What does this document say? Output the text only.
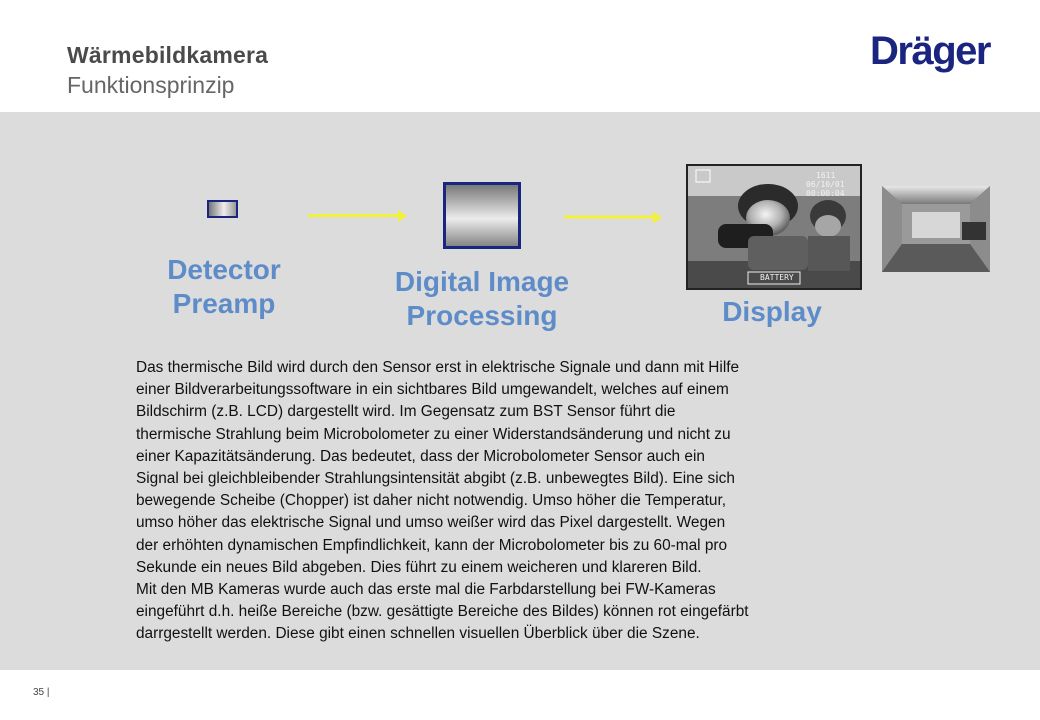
Wärmebildkamera
Funktionsprinzip
Dräger
1611
06/10/01
00:00:04
BATTERY
Detector
Preamp
Digital Image
Processing	Display
Das thermische Bild wird durch den Sensor erst in elektrische Signale und dann mit Hilfe
einer Bildverarbeitungssoftware in ein sichtbares Bild umgewandelt, welches auf einem
Bildschirm (z.B. LCD) dargestellt wird. Im Gegensatz zum BST Sensor führt die
thermische Strahlung beim Microbolometer zu einer Widerstandsänderung und nicht zu
einer Kapazitätsänderung. Das bedeutet, dass der Microbolometer Sensor auch ein
Signal bei gleichbleibender Strahlungsintensität abgibt (z.B. unbewegtes Bild). Eine sich
bewegende Scheibe (Chopper) ist daher nicht notwendig. Umso höher die Temperatur,
umso höher das elektrische Signal und umso weißer wird das Pixel dargestellt. Wegen
der erhöhten dynamischen Empfindlichkeit, kann der Microbolometer bis zu 60-mal pro
Sekunde ein neues Bild abgeben. Dies führt zu einem weicheren und klareren Bild.
Mit den MB Kameras wurde auch das erste mal die Farbdarstellung bei FW-Kameras
eingeführt d.h. heiße Bereiche (bzw. gesättigte Bereiche des Bildes) können rot eingefärbt
darrgestellt werden. Diese gibt einen schnellen visuellen Überblick über die Szene.
35 |
